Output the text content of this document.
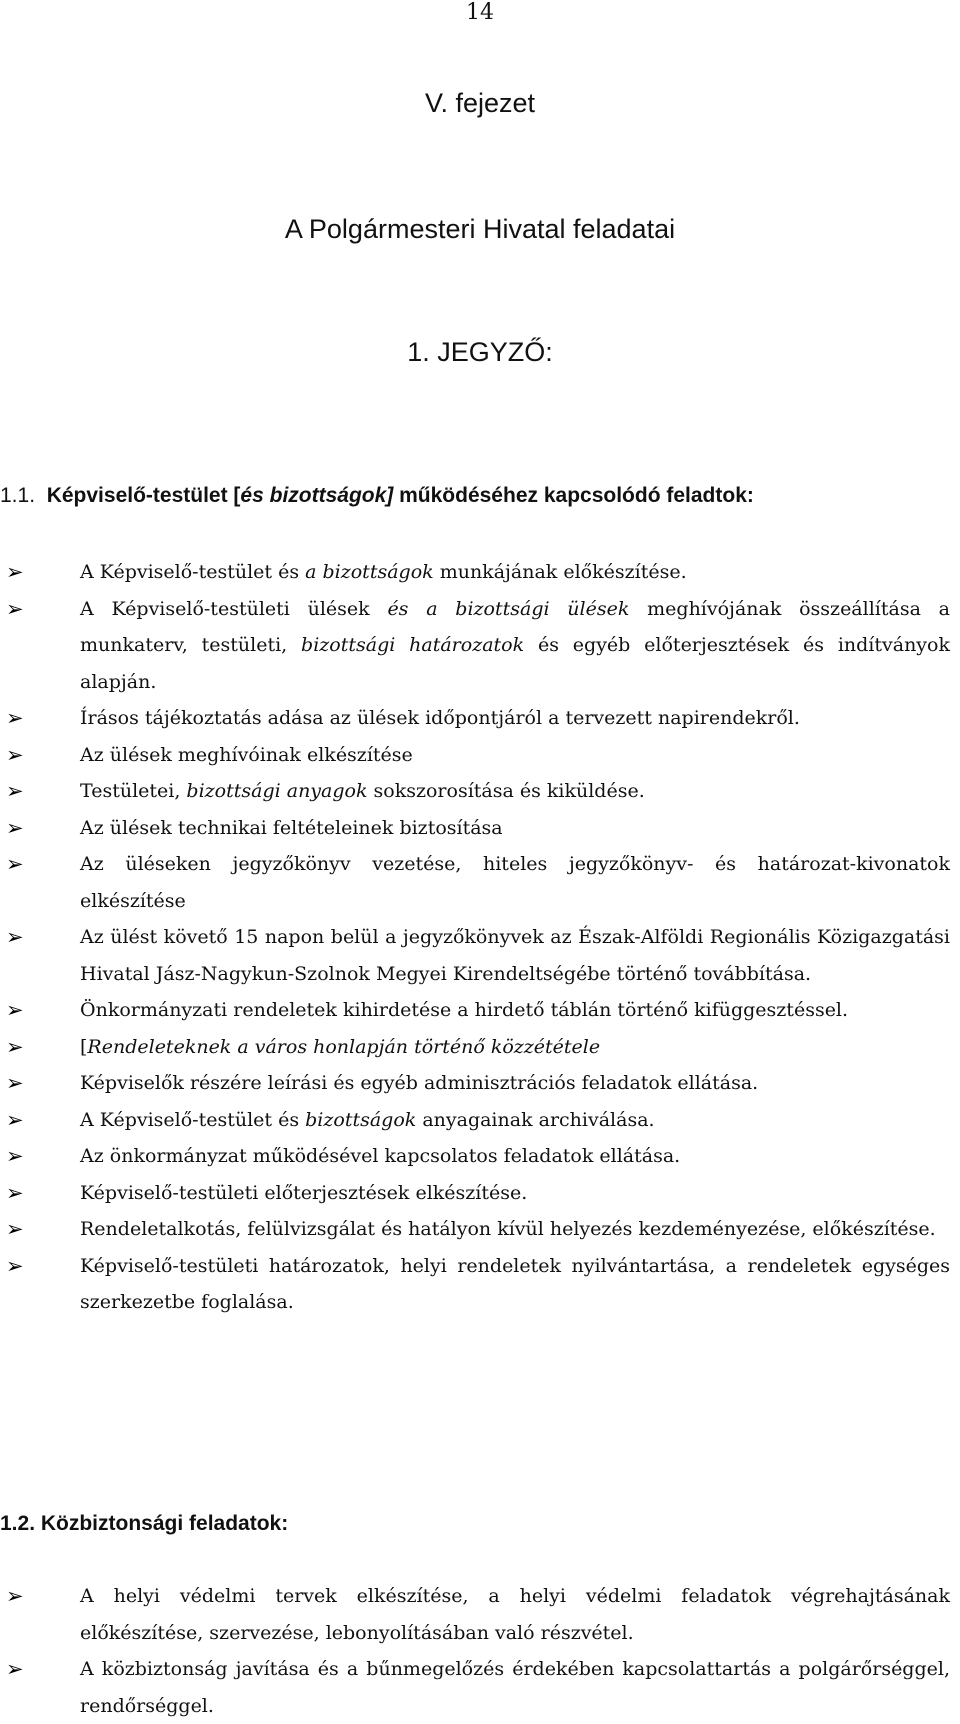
14
V. fejezet
A Polgármesteri Hivatal feladatai
1. JEGYZŐ:
1.1. Képviselő-testület [és bizottságok] működéséhez kapcsolódó feladtok:
➢	A Képviselő-testület és a bizottságok munkájának előkészítése.
➢	A Képviselő-testületi ülések és a bizottsági ülések meghívójának összeállítása a munkaterv, testületi, bizottsági határozatok és egyéb előterjesztések és indítványok alapján.
➢	Írásos tájékoztatás adása az ülések időpontjáról a tervezett napirendekről.
➢	Az ülések meghívóinak elkészítése
➢	Testületei, bizottsági anyagok sokszorosítása és kiküldése.
➢	Az ülések technikai feltételeinek biztosítása
➢	Az üléseken jegyzőkönyv vezetése, hiteles jegyzőkönyv- és határozat-kivonatok elkészítése
➢	Az ülést követő 15 napon belül a jegyzőkönyvek az Észak-Alföldi Regionális Közigazgatási Hivatal Jász-Nagykun-Szolnok Megyei Kirendeltségébe történő továbbítása.
➢	Önkormányzati rendeletek kihirdetése a hirdető táblán történő kifüggesztéssel.
➢	[Rendeleteknek a város honlapján történő közzététele
➢	Képviselők részére leírási és egyéb adminisztrációs feladatok ellátása.
➢	A Képviselő-testület és bizottságok anyagainak archiválása.
➢	Az önkormányzat működésével kapcsolatos feladatok ellátása.
➢	Képviselő-testületi előterjesztések elkészítése.
➢	Rendeletalkotás, felülvizsgálat és hatályon kívül helyezés kezdeményezése, előkészítése.
➢	Képviselő-testületi határozatok, helyi rendeletek nyilvántartása, a rendeletek egységes szerkezetbe foglalása.
1.2. Közbiztonsági feladatok:
➢	A helyi védelmi tervek elkészítése, a helyi védelmi feladatok végrehajtásának előkészítése, szervezése, lebonyolításában való részvétel.
➢	A közbiztonság javítása és a bűnmegelőzés érdekében kapcsolattartás a polgárőrséggel, rendőrséggel.
